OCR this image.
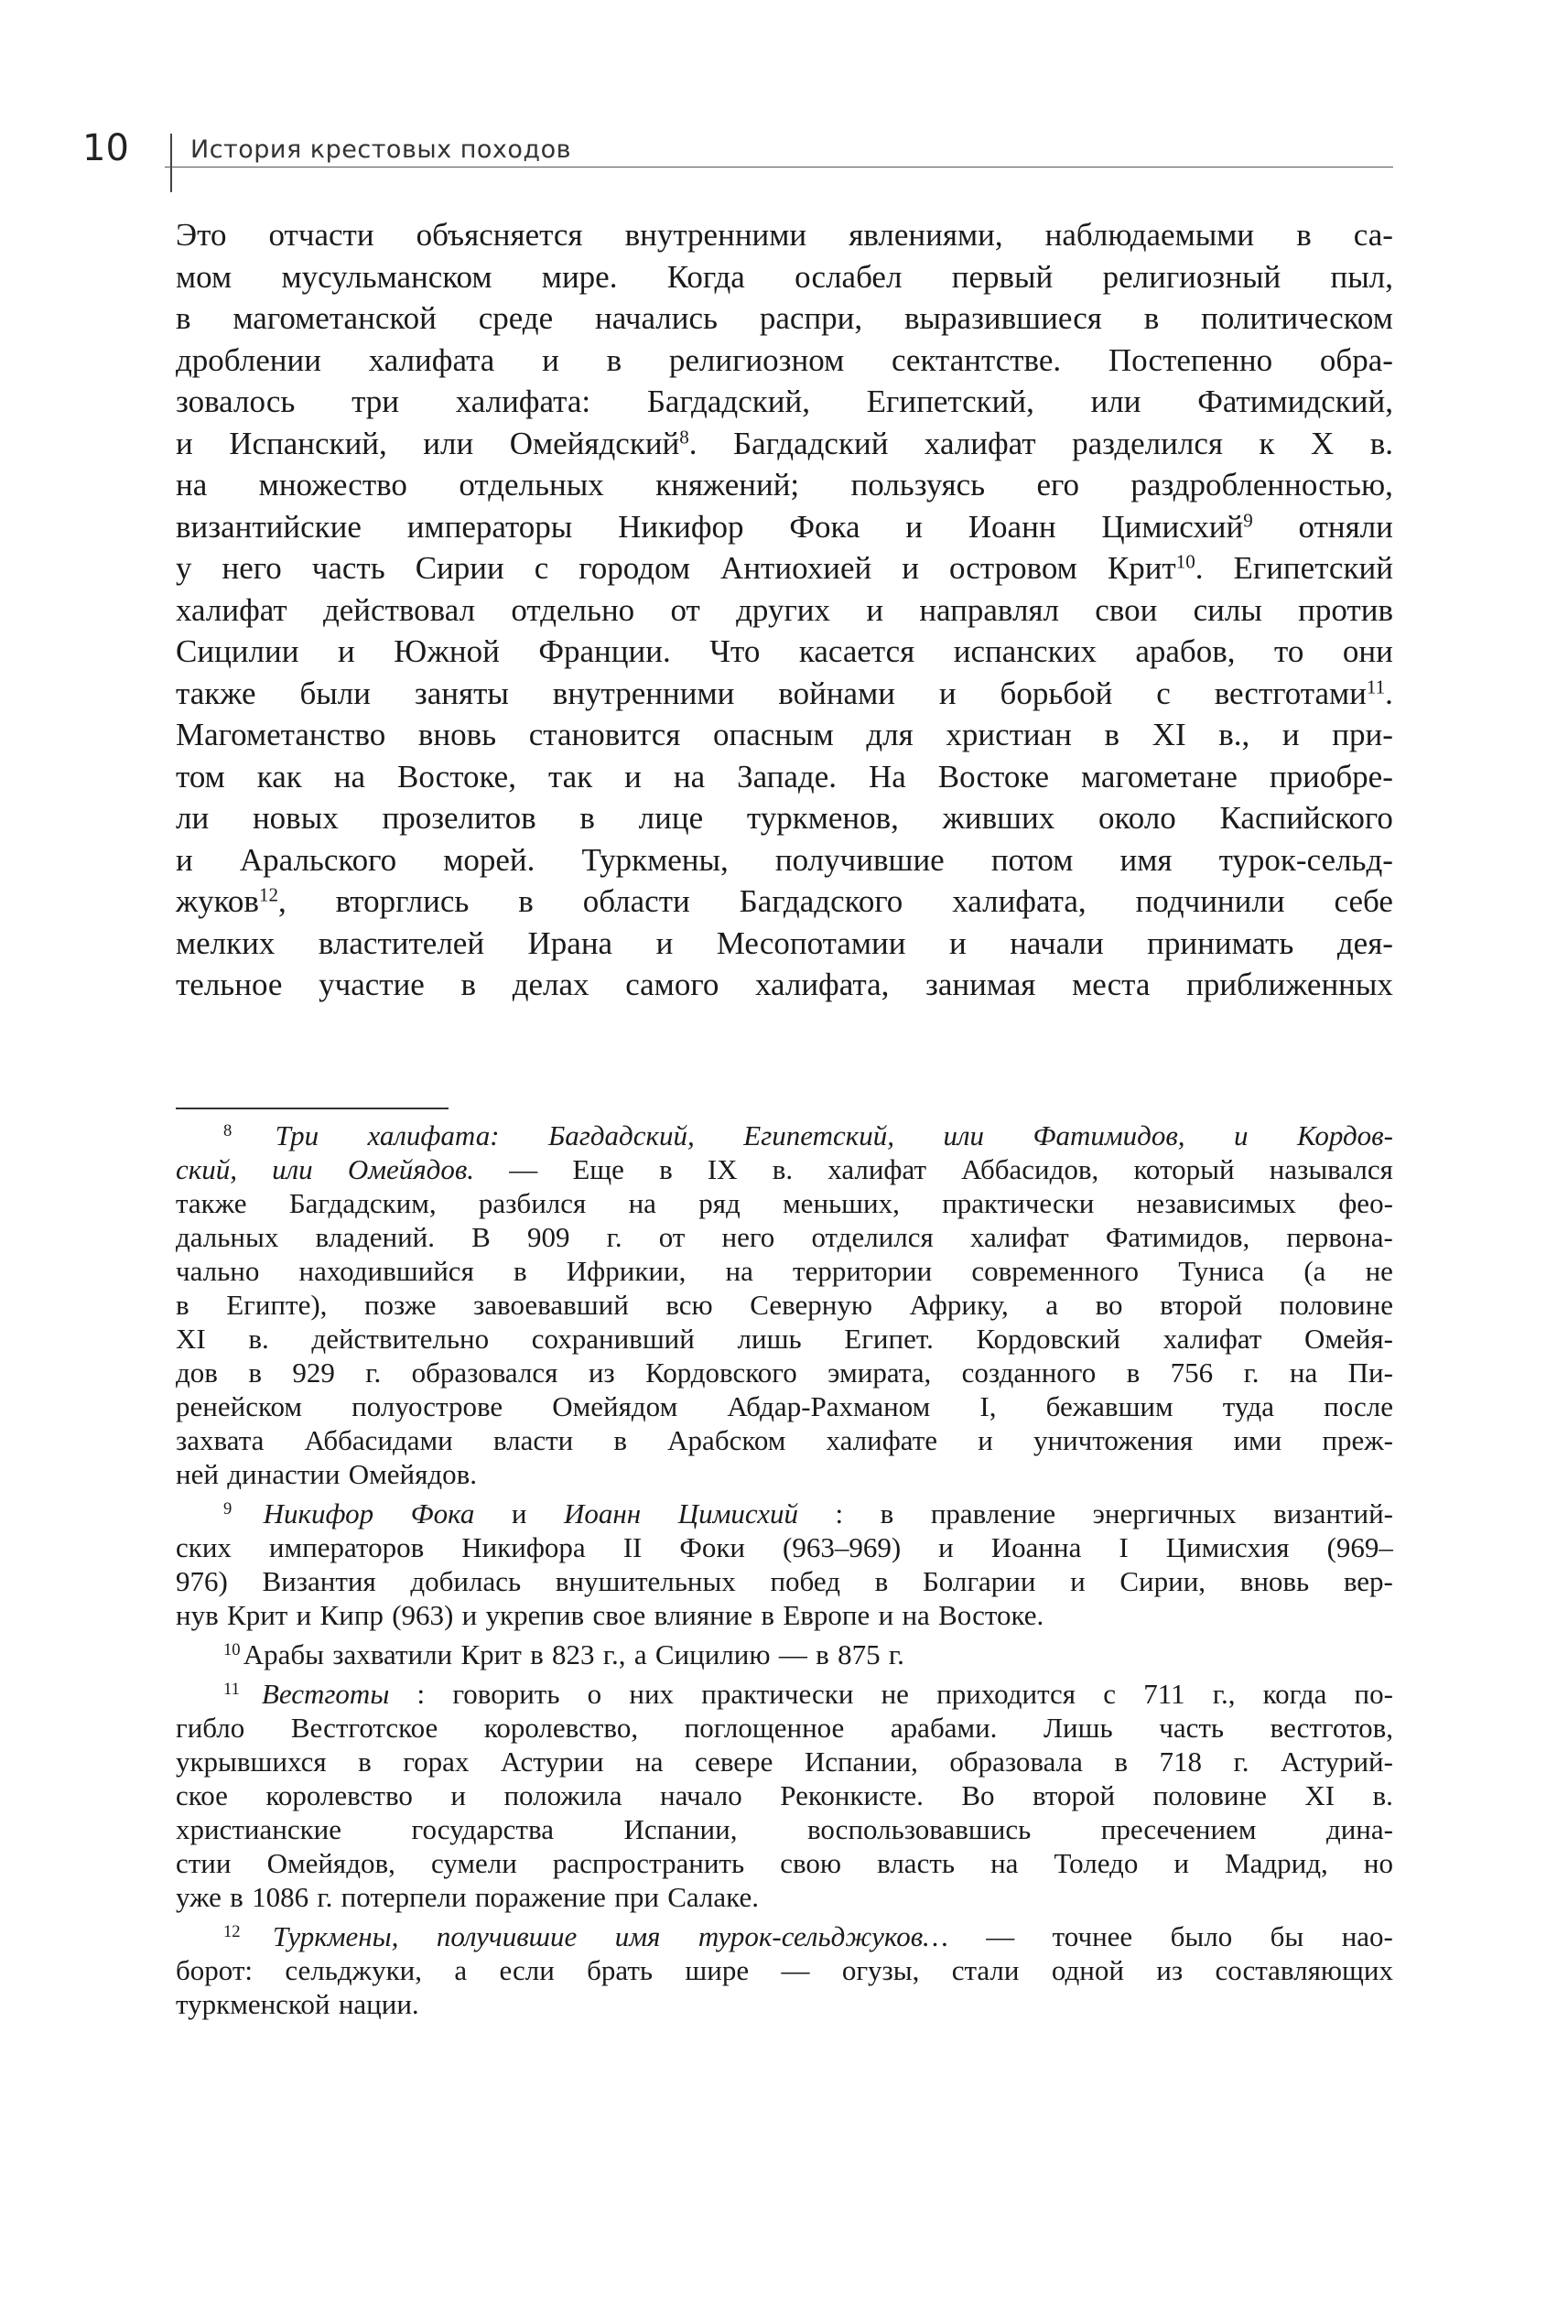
10 История крестовых походов
Это отчасти объясняется внутренними явлениями, наблюдаемыми в са-
мом мусульманском мире. Когда ослабел первый религиозный пыл,
в магометанской среде начались распри, выразившиеся в политическом
дроблении халифата и в религиозном сектантстве. Постепенно обра-
зовалось три халифата: Багдадский, Египетский, или Фатимидский,
и Испанский, или Омейядский$^8$. Багдадский халифат разделился к X в.
на множество отдельных княжений; пользуясь его раздробленностью,
византийские императоры Никифор Фока и Иоанн Цимисхий$^9$ отняли
у него часть Сирии с городом Антиохией и островом Крит$^{10}$. Египетский
халифат действовал отдельно от других и направлял свои силы против
Сицилии и Южной Франции. Что касается испанских арабов, то они
также были заняты внутренними войнами и борьбой с вестготами$^{11}$.
Магометанство вновь становится опасным для христиан в XI в., и при-
том как на Востоке, так и на Западе. На Востоке магометане приобре-
ли новых прозелитов в лице туркменов, живших около Каспийского
и Аральского морей. Туркмены, получившие потом имя турок-сельд-
жуков$^{12}$, вторглись в области Багдадского халифата, подчинили себе
мелких властителей Ирана и Месопотамии и начали принимать дея-
тельное участие в делах самого халифата, занимая места приближенных
$^8$ Три халифата: Багдадский, Египетский, или Фатимидов, и Кордов-
ский, или Омейядов. — Еще в IX в. халифат Аббасидов, который назывался
также Багдадским, разбился на ряд меньших, практически независимых фео-
дальных владений. В 909 г. от него отделился халифат Фатимидов, первона-
чально находившийся в Ифрикии, на территории современного Туниса (а не
в Египте), позже завоевавший всю Северную Африку, а во второй половине
XI в. действительно сохранивший лишь Египет. Кордовский халифат Омейя-
дов в 929 г. образовался из Кордовского эмирата, созданного в 756 г. на Пи-
ренейском полуострове Омейядом Абдар-Рахманом I, бежавшим туда после
захвата Аббасидами власти в Арабском халифате и уничтожения ими преж-
ней династии Омейядов.
$^9$ Никифор Фока и Иоанн Цимисхий : в правление энергичных византий-
ских императоров Никифора II Фоки (963–969) и Иоанна I Цимисхия (969–
976) Византия добилась внушительных побед в Болгарии и Сирии, вновь вер-
нув Крит и Кипр (963) и укрепив свое влияние в Европе и на Востоке.
$^{10}$ Арабы захватили Крит в 823 г., а Сицилию — в 875 г.
$^{11}$ Вестготы : говорить о них практически не приходится с 711 г., когда по-
гибло Вестготское королевство, поглощенное арабами. Лишь часть вестготов,
укрывшихся в горах Астурии на севере Испании, образовала в 718 г. Астурий-
ское королевство и положила начало Реконкисте. Во второй половине XI в.
христианские государства Испании, воспользовавшись пресечением дина-
стии Омейядов, сумели распространить свою власть на Толедо и Мадрид, но
уже в 1086 г. потерпели поражение при Салаке.
$^{12}$ Туркмены, получившие имя турок-сельджуков… — точнее было бы нао-
борот: сельджуки, а если брать шире — огузы, стали одной из составляющих
туркменской нации.
